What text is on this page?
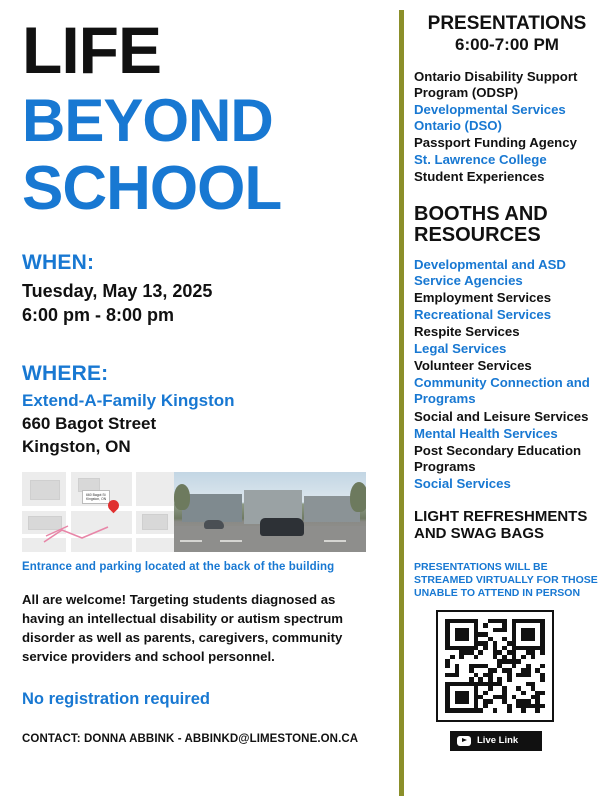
LIFE
BEYOND
SCHOOL
WHEN:
Tuesday, May 13, 2025
6:00 pm - 8:00 pm
WHERE:
Extend-A-Family Kingston
660 Bagot Street
Kingston, ON
660 Bagot St
Kingston, ON
Entrance and parking located at the back of the building
All are welcome! Targeting students diagnosed as having an intellectual disability or autism spectrum disorder as well as parents, caregivers, community service providers and school personnel.
No registration required
CONTACT: DONNA ABBINK - ABBINKD@LIMESTONE.ON.CA
PRESENTATIONS
6:00-7:00 PM
Ontario Disability Support Program (ODSP)
Developmental Services Ontario (DSO)
Passport Funding Agency
St. Lawrence College
Student Experiences
BOOTHS AND RESOURCES
Developmental and ASD Service Agencies
Employment Services
Recreational Services
Respite Services
Legal Services
Volunteer Services
Community Connection and Programs
Social and Leisure Services
Mental Health Services
Post Secondary Education Programs
Social Services
LIGHT REFRESHMENTS AND SWAG BAGS
PRESENTATIONS WILL BE STREAMED VIRTUALLY FOR THOSE UNABLE TO ATTEND IN PERSON
Live Link
